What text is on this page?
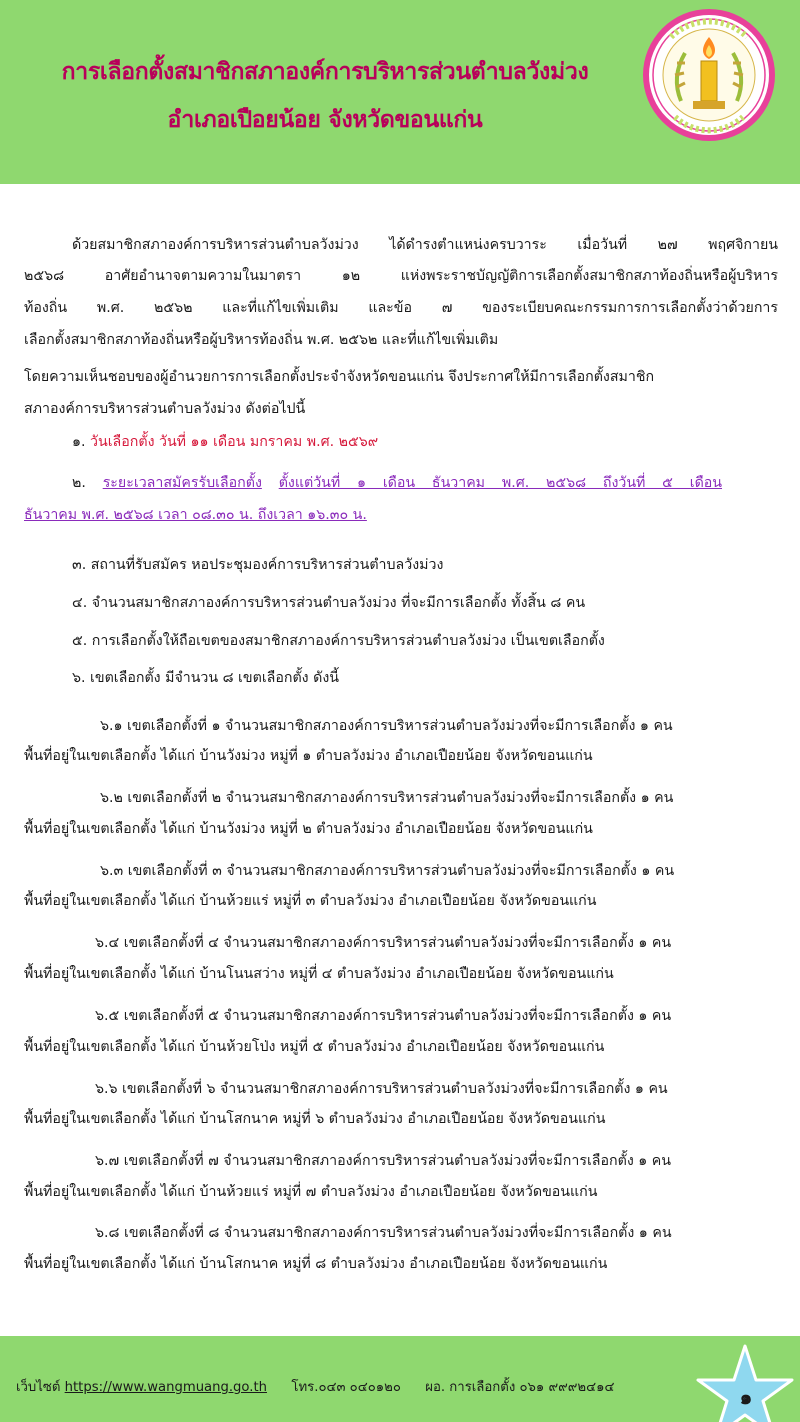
การเลือกตั้งสมาชิกสภาองค์การบริหารส่วนตำบลวังม่วง
อำเภอเปือยน้อย จังหวัดขอนแก่น
ด้วยสมาชิกสภาองค์การบริหารส่วนตำบลวังม่วง ได้ดำรงตำแหน่งครบวาระ เมื่อวันที่ ๒๗ พฤศจิกายน
๒๕๖๘ อาศัยอำนาจตามความในมาตรา ๑๒ แห่งพระราชบัญญัติการเลือกตั้งสมาชิกสภาท้องถิ่นหรือผู้บริหาร
ท้องถิ่น พ.ศ. ๒๕๖๒ และที่แก้ไขเพิ่มเติม และข้อ ๗ ของระเบียบคณะกรรมการการเลือกตั้งว่าด้วยการ
เลือกตั้งสมาชิกสภาท้องถิ่นหรือผู้บริหารท้องถิ่น พ.ศ. ๒๕๖๒ และที่แก้ไขเพิ่มเติม
โดยความเห็นชอบของผู้อำนวยการการเลือกตั้งประจำจังหวัดขอนแก่น จึงประกาศให้มีการเลือกตั้งสมาชิก
สภาองค์การบริหารส่วนตำบลวังม่วง ดังต่อไปนี้
๑. วันเลือกตั้ง วันที่ ๑๑ เดือน มกราคม พ.ศ. ๒๕๖๙
๒. ระยะเวลาสมัครรับเลือกตั้ง ตั้งแต่วันที่ ๑ เดือน ธันวาคม พ.ศ. ๒๕๖๘ ถึงวันที่ ๕ เดือน
ธันวาคม พ.ศ. ๒๕๖๘ เวลา ๐๘.๓๐ น. ถึงเวลา ๑๖.๓๐ น.
๓. สถานที่รับสมัคร หอประชุมองค์การบริหารส่วนตำบลวังม่วง
๔. จำนวนสมาชิกสภาองค์การบริหารส่วนตำบลวังม่วง ที่จะมีการเลือกตั้ง ทั้งสิ้น ๘ คน
๕. การเลือกตั้งให้ถือเขตของสมาชิกสภาองค์การบริหารส่วนตำบลวังม่วง เป็นเขตเลือกตั้ง
๖. เขตเลือกตั้ง มีจำนวน ๘ เขตเลือกตั้ง ดังนี้
๖.๑ เขตเลือกตั้งที่ ๑ จำนวนสมาชิกสภาองค์การบริหารส่วนตำบลวังม่วงที่จะมีการเลือกตั้ง ๑ คน
พื้นที่อยู่ในเขตเลือกตั้ง ได้แก่ บ้านวังม่วง หมู่ที่ ๑ ตำบลวังม่วง อำเภอเปือยน้อย จังหวัดขอนแก่น
๖.๒ เขตเลือกตั้งที่ ๒ จำนวนสมาชิกสภาองค์การบริหารส่วนตำบลวังม่วงที่จะมีการเลือกตั้ง ๑ คน
พื้นที่อยู่ในเขตเลือกตั้ง ได้แก่ บ้านวังม่วง หมู่ที่ ๒ ตำบลวังม่วง อำเภอเปือยน้อย จังหวัดขอนแก่น
๖.๓ เขตเลือกตั้งที่ ๓ จำนวนสมาชิกสภาองค์การบริหารส่วนตำบลวังม่วงที่จะมีการเลือกตั้ง ๑ คน
พื้นที่อยู่ในเขตเลือกตั้ง ได้แก่ บ้านห้วยแร่ หมู่ที่ ๓ ตำบลวังม่วง อำเภอเปือยน้อย จังหวัดขอนแก่น
๖.๔ เขตเลือกตั้งที่ ๔ จำนวนสมาชิกสภาองค์การบริหารส่วนตำบลวังม่วงที่จะมีการเลือกตั้ง ๑ คน
พื้นที่อยู่ในเขตเลือกตั้ง ได้แก่ บ้านโนนสว่าง หมู่ที่ ๔ ตำบลวังม่วง อำเภอเปือยน้อย จังหวัดขอนแก่น
๖.๕ เขตเลือกตั้งที่ ๕ จำนวนสมาชิกสภาองค์การบริหารส่วนตำบลวังม่วงที่จะมีการเลือกตั้ง ๑ คน
พื้นที่อยู่ในเขตเลือกตั้ง ได้แก่ บ้านห้วยโป่ง หมู่ที่ ๕ ตำบลวังม่วง อำเภอเปือยน้อย จังหวัดขอนแก่น
๖.๖ เขตเลือกตั้งที่ ๖ จำนวนสมาชิกสภาองค์การบริหารส่วนตำบลวังม่วงที่จะมีการเลือกตั้ง ๑ คน
พื้นที่อยู่ในเขตเลือกตั้ง ได้แก่ บ้านโสกนาค หมู่ที่ ๖ ตำบลวังม่วง อำเภอเปือยน้อย จังหวัดขอนแก่น
๖.๗ เขตเลือกตั้งที่ ๗ จำนวนสมาชิกสภาองค์การบริหารส่วนตำบลวังม่วงที่จะมีการเลือกตั้ง ๑ คน
พื้นที่อยู่ในเขตเลือกตั้ง ได้แก่ บ้านห้วยแร่ หมู่ที่ ๗ ตำบลวังม่วง อำเภอเปือยน้อย จังหวัดขอนแก่น
๖.๘ เขตเลือกตั้งที่ ๘ จำนวนสมาชิกสภาองค์การบริหารส่วนตำบลวังม่วงที่จะมีการเลือกตั้ง ๑ คน
พื้นที่อยู่ในเขตเลือกตั้ง ได้แก่ บ้านโสกนาค หมู่ที่ ๘ ตำบลวังม่วง อำเภอเปือยน้อย จังหวัดขอนแก่น
เว็บไซต์ https://www.wangmuang.go.th โทร.๐๔๓ ๐๔๐๑๒๐ ผอ. การเลือกตั้ง ๐๖๑ ๙๙๙๒๔๑๔	๑
